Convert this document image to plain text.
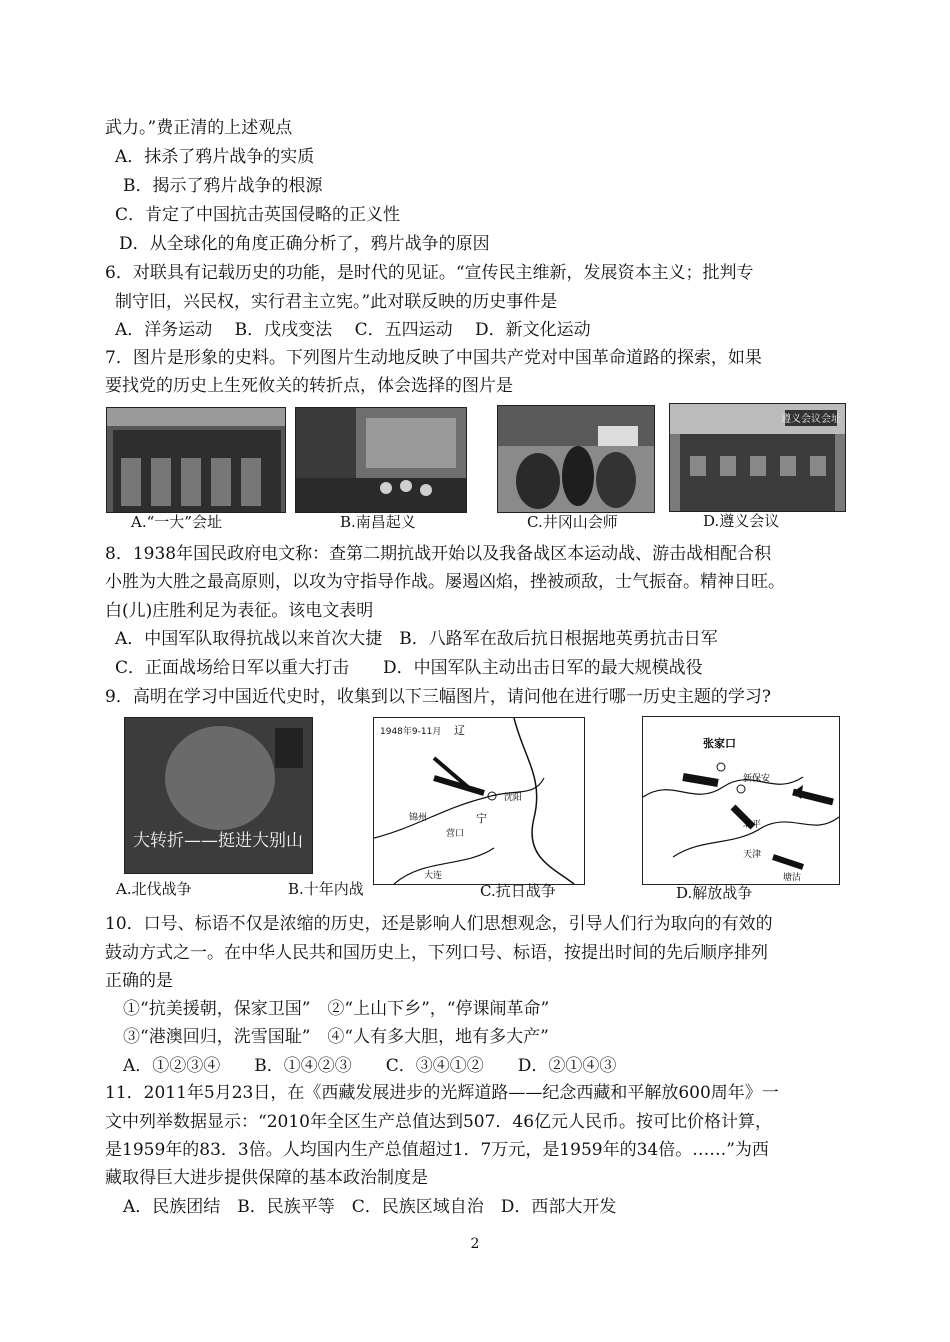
武力。”费正清的上述观点
A．抹杀了鸦片战争的实质
B．揭示了鸦片战争的根源
C．肯定了中国抗击英国侵略的正义性
D．从全球化的角度正确分析了，鸦片战争的原因
6．对联具有记载历史的功能，是时代的见证。“宣传民主维新，发展资本主义；批判专
制守旧，兴民权，实行君主立宪。”此对联反映的历史事件是
A．洋务运动　 B．戊戌变法　 C．五四运动　 D．新文化运动
7．图片是形象的史料。下列图片生动地反映了中国共产党对中国革命道路的探索，如果
要找党的历史上生死攸关的转折点，体会选择的图片是
遵义会议会址
A.“一大”会址	B.南昌起义	C.井冈山会师	D.遵义会议
8．1938年国民政府电文称：查第二期抗战开始以及我备战区本运动战、游击战相配合积
小胜为大胜之最高原则，以攻为守指导作战。屡遏凶焰，挫被顽敌，士气振奋。精神日旺。
白(儿)庄胜利足为表征。该电文表明
A．中国军队取得抗战以来首次大捷　B．八路军在敌后抗日根据地英勇抗击日军
C．正面战场给日军以重大打击　　D．中国军队主动出击日军的最大规模战役
9．高明在学习中国近代史时，收集到以下三幅图片，请问他在进行哪一历史主题的学习?
大转折——挺进大别山
1948年9-11月 辽
宁
锦州
沈阳
营口
大连
张家口
新保安
北平
天津
塘沽
A.北伐战争	B.十年内战	C.抗日战争	D.解放战争
10．口号、标语不仅是浓缩的历史，还是影响人们思想观念，引导人们行为取向的有效的
鼓动方式之一。在中华人民共和国历史上，下列口号、标语，按提出时间的先后顺序排列
正确的是
①“抗美援朝，保家卫国”　②“上山下乡”，“停课闹革命”
③“港澳回归，洗雪国耻”　④“人有多大胆，地有多大产”
A．①②③④　　B．①④②③　　C．③④①②　　D．②①④③
11．2011年5月23日，在《西藏发展进步的光辉道路——纪念西藏和平解放600周年》一
文中列举数据显示：“2010年全区生产总值达到507．46亿元人民币。按可比价格计算，
是1959年的83．3倍。人均国内生产总值超过1．7万元，是1959年的34倍。……”为西
藏取得巨大进步提供保障的基本政治制度是
A．民族团结　B．民族平等　C．民族区域自治　D．西部大开发
2
